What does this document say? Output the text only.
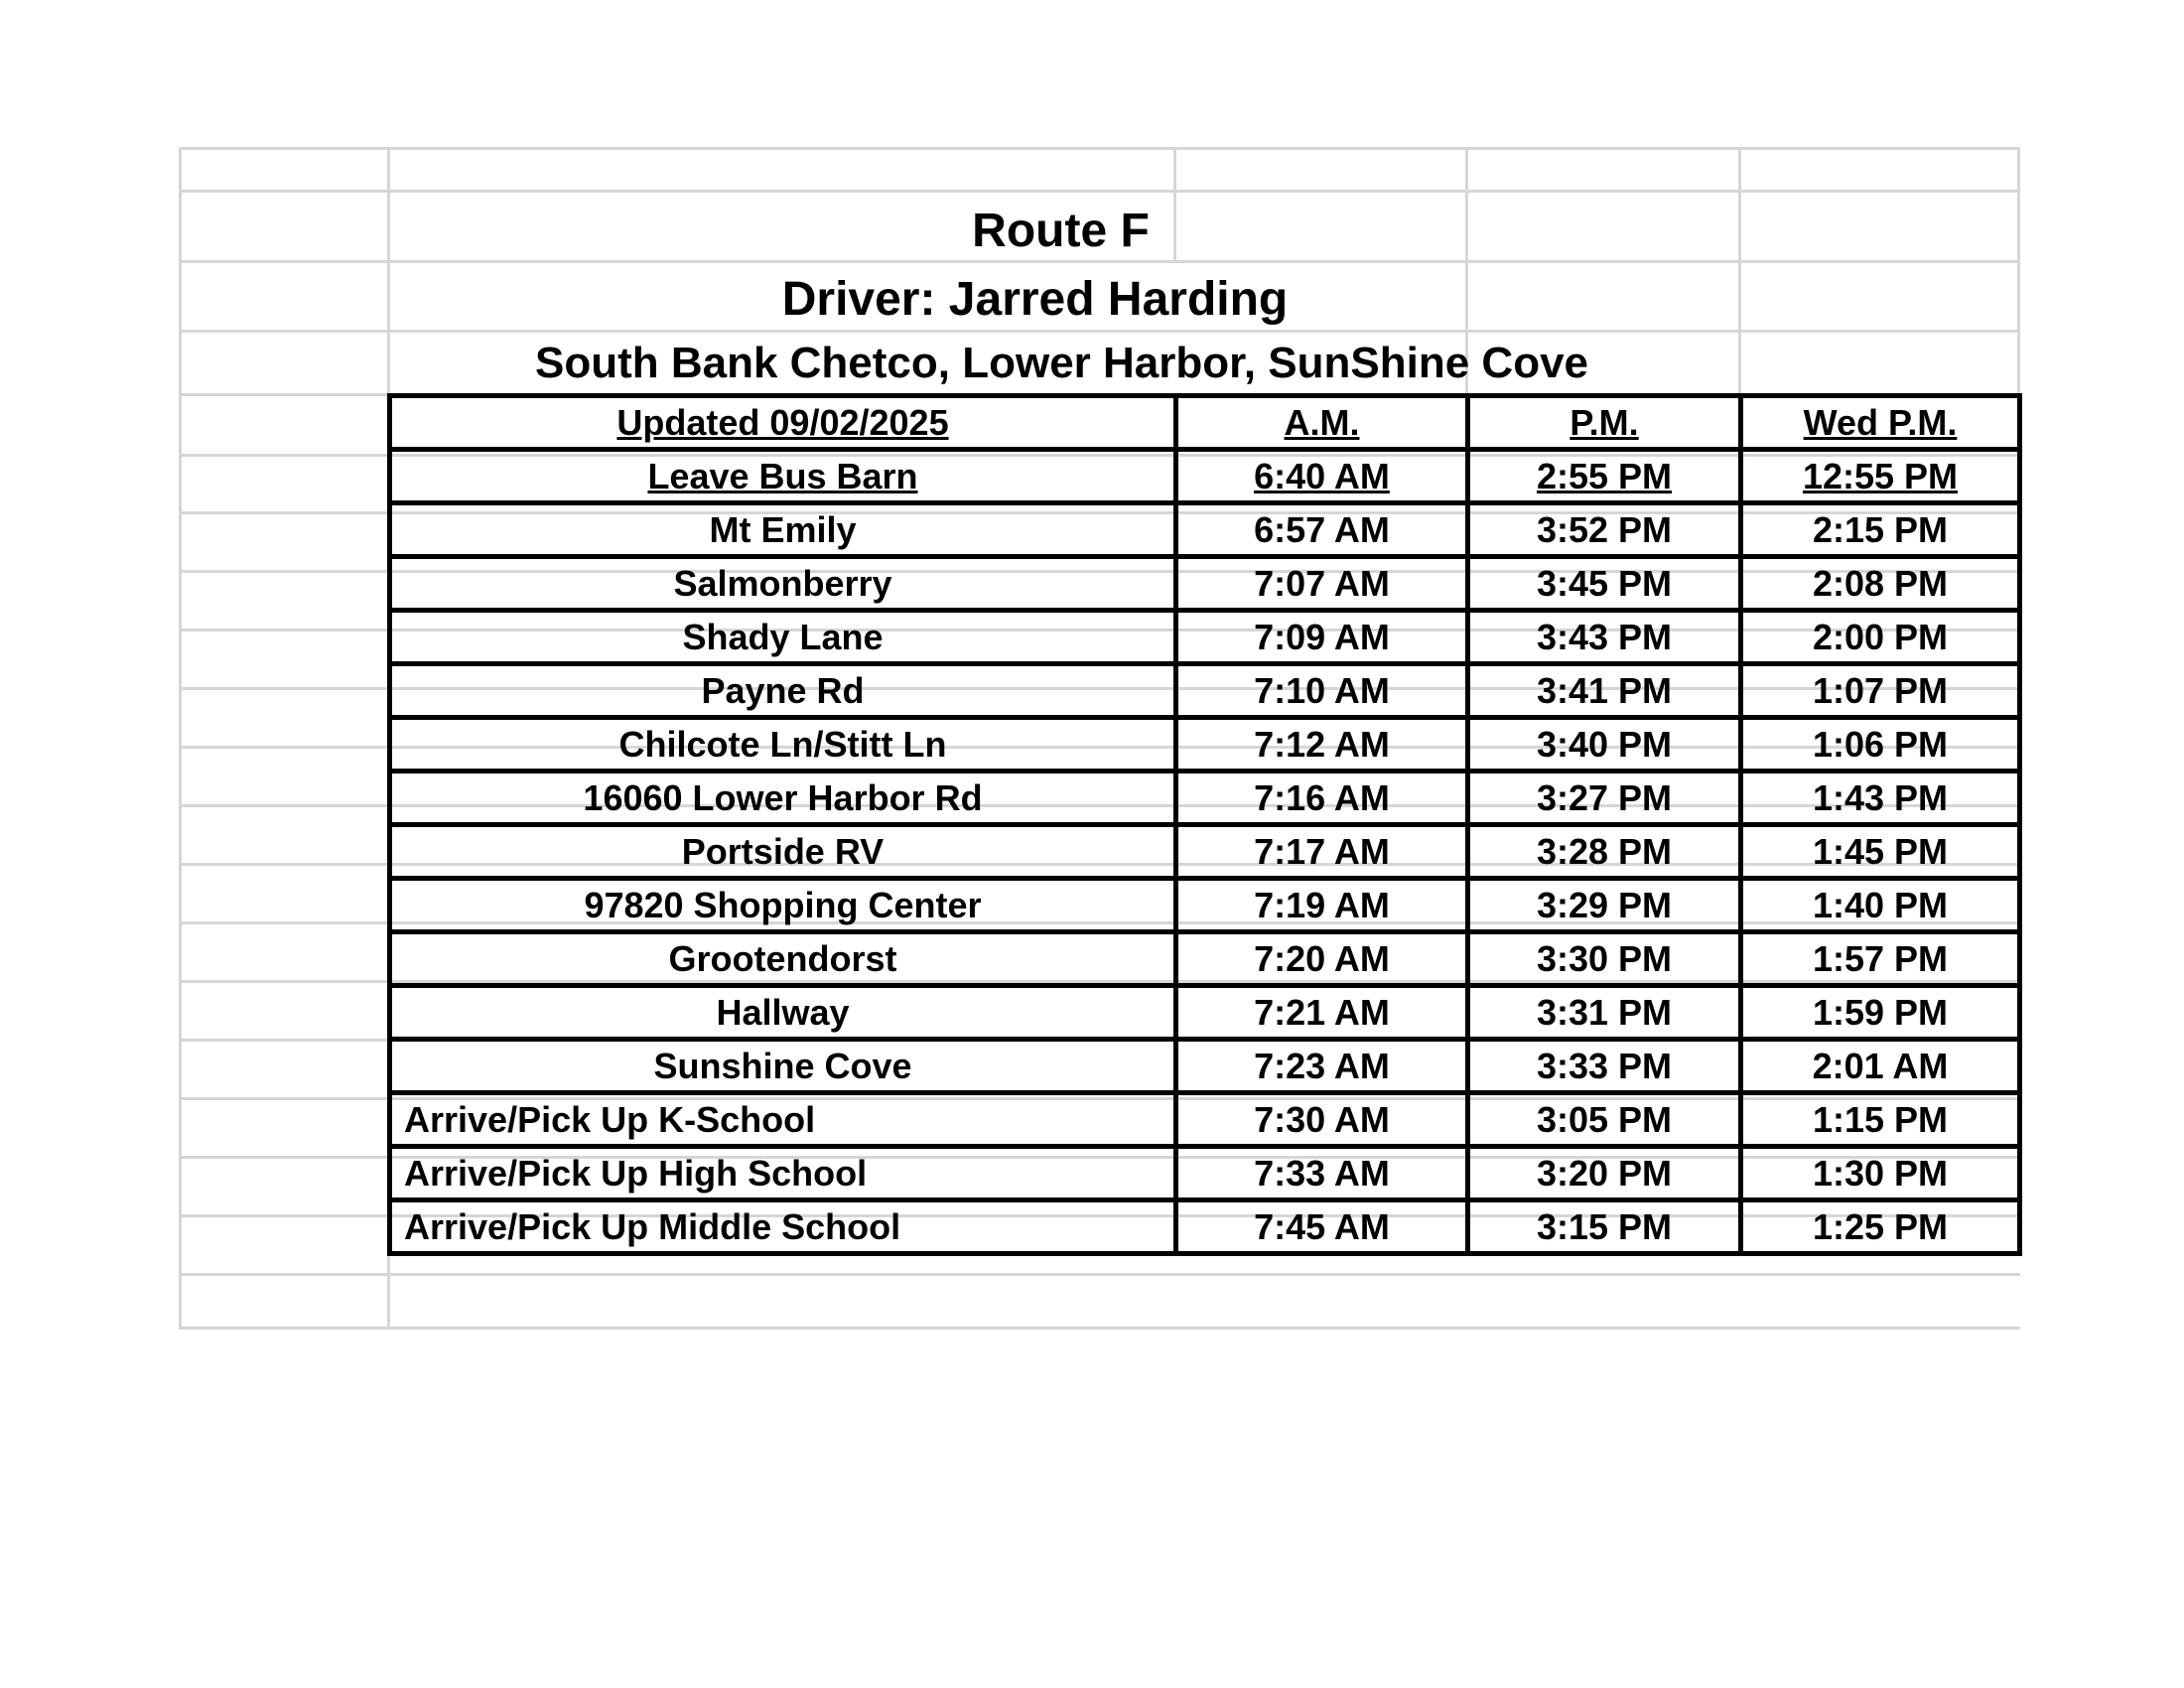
Route F
Driver: Jarred Harding
South Bank Chetco, Lower Harbor, SunShine Cove
Updated 09/02/2025	A.M.	P.M.	Wed P.M.
Leave Bus Barn	6:40 AM	2:55 PM	12:55 PM
Mt Emily	6:57 AM	3:52 PM	2:15 PM
Salmonberry	7:07 AM	3:45 PM	2:08 PM
Shady Lane	7:09 AM	3:43 PM	2:00 PM
Payne Rd	7:10 AM	3:41 PM	1:07 PM
Chilcote Ln/Stitt Ln	7:12 AM	3:40 PM	1:06 PM
16060 Lower Harbor Rd	7:16 AM	3:27 PM	1:43 PM
Portside RV	7:17 AM	3:28 PM	1:45 PM
97820 Shopping Center	7:19 AM	3:29 PM	1:40 PM
Grootendorst	7:20 AM	3:30 PM	1:57 PM
Hallway	7:21 AM	3:31 PM	1:59 PM
Sunshine Cove	7:23 AM	3:33 PM	2:01 AM
Arrive/Pick Up K-School	7:30 AM	3:05 PM	1:15 PM
Arrive/Pick Up High School	7:33 AM	3:20 PM	1:30 PM
Arrive/Pick Up Middle School	7:45 AM	3:15 PM	1:25 PM
